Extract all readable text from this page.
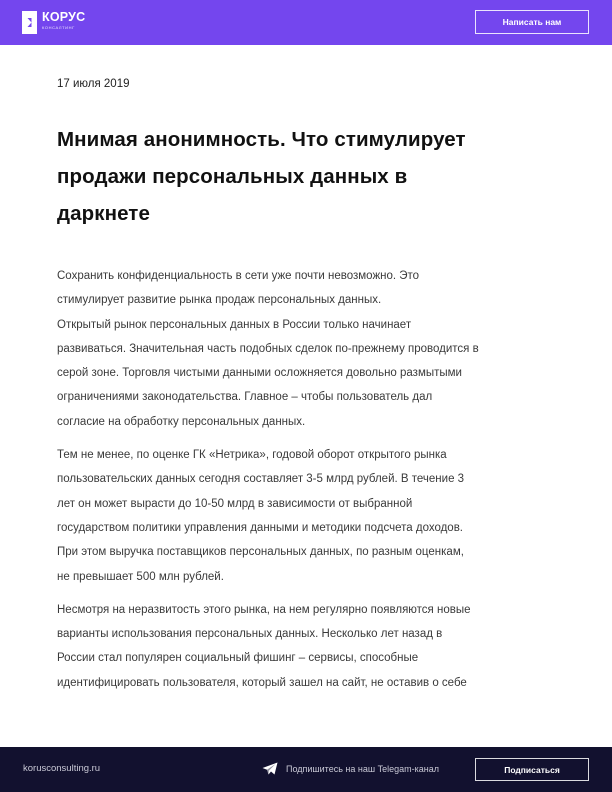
КОРУС
КОНСАЛТИНГ
Написать нам
17 июля 2019
Мнимая анонимность. Что стимулирует
продажи персональных данных в
даркнете

Сохранить конфиденциальность в сети уже почти невозможно. Это
стимулирует развитие рынка продаж персональных данных.
Открытый рынок персональных данных в России только начинает
развиваться. Значительная часть подобных сделок по-прежнему проводится в
серой зоне. Торговля чистыми данными осложняется довольно размытыми
ограничениями законодательства. Главное – чтобы пользователь дал
согласие на обработку персональных данных.

Тем не менее, по оценке ГК «Нетрика», годовой оборот открытого рынка
пользовательских данных сегодня составляет 3-5 млрд рублей. В течение 3
лет он может вырасти до 10-50 млрд в зависимости от выбранной
государством политики управления данными и методики подсчета доходов.
При этом выручка поставщиков персональных данных, по разным оценкам,
не превышает 500 млн рублей.

Несмотря на неразвитость этого рынка, на нем регулярно появляются новые
варианты использования персональных данных. Несколько лет назад в
России стал популярен социальный фишинг – сервисы, способные
идентифицировать пользователя, который зашел на сайт, не оставив о себе

korusconsulting.ru	Подпишитесь на наш Telegam-канал	Подписаться
